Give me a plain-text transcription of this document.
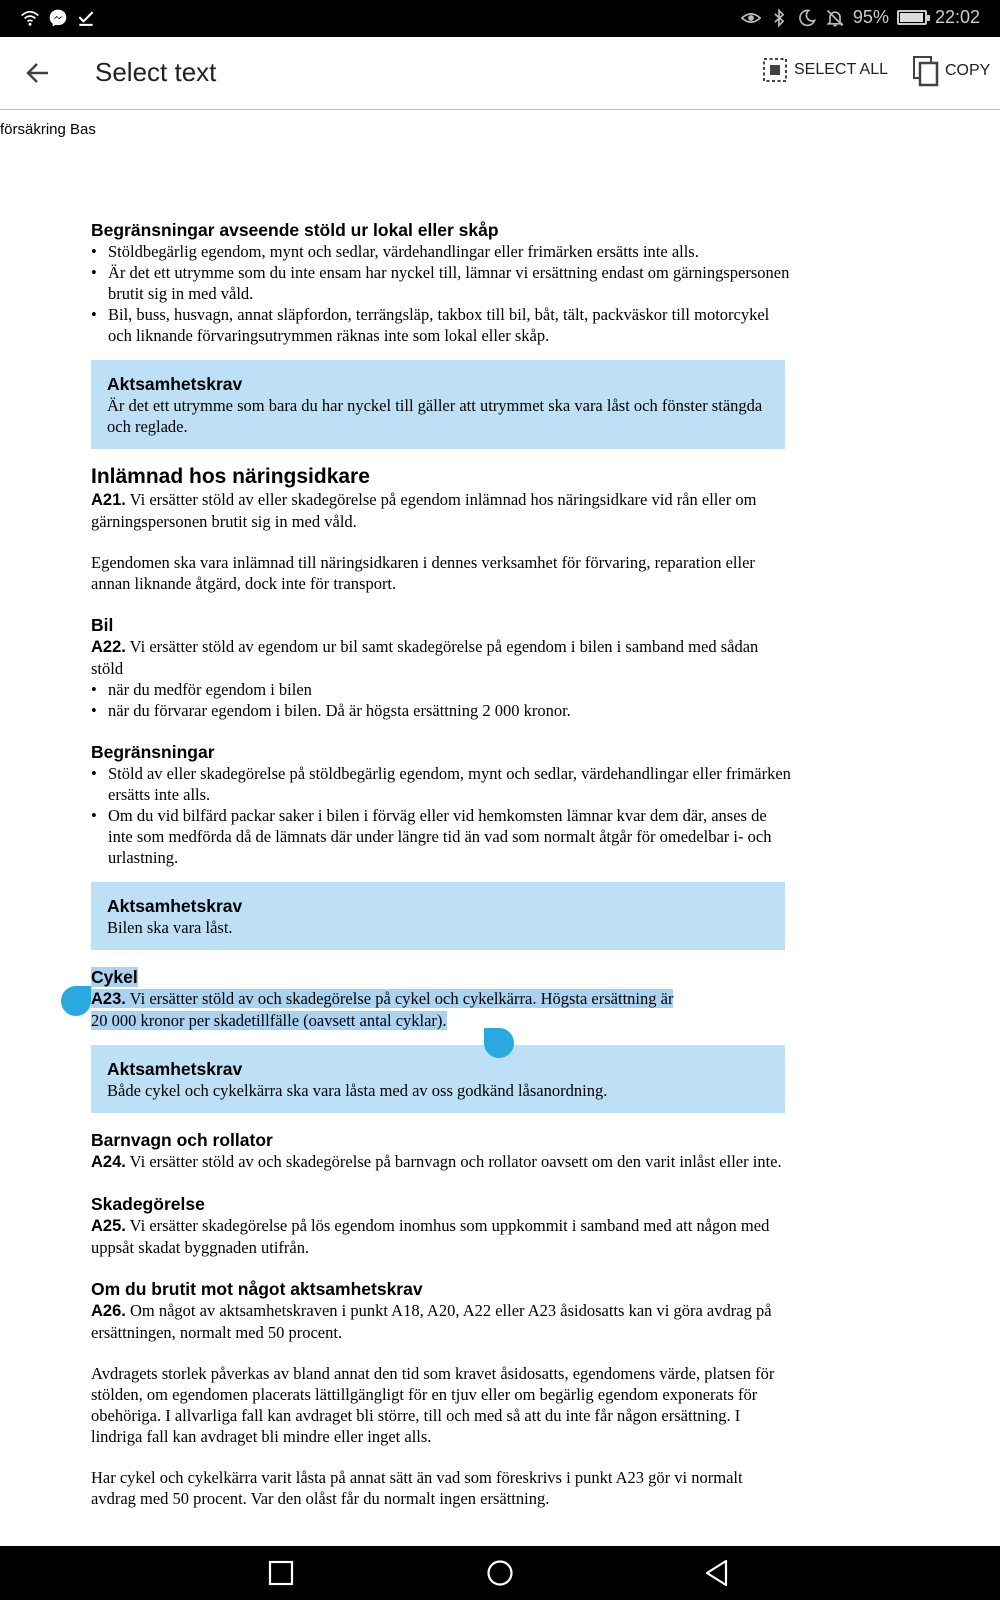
95%	22:02
Select text	SELECT ALL	COPY
försäkring Bas
Begränsningar avseende stöld ur lokal eller skåp
• Stöldbegärlig egendom, mynt och sedlar, värdehandlingar eller frimärken ersätts inte alls.
• Är det ett utrymme som du inte ensam har nyckel till, lämnar vi ersättning endast om gärningspersonen brutit sig in med våld.
• Bil, buss, husvagn, annat släpfordon, terrängsläp, takbox till bil, båt, tält, packväskor till motorcykel och liknande förvaringsutrymmen räknas inte som lokal eller skåp.
Aktsamhetskrav
Är det ett utrymme som bara du har nyckel till gäller att utrymmet ska vara låst och fönster stängda och reglade.
Inlämnad hos näringsidkare
A21. Vi ersätter stöld av eller skadegörelse på egendom inlämnad hos näringsidkare vid rån eller om gärningspersonen brutit sig in med våld.
Egendomen ska vara inlämnad till näringsidkaren i dennes verksamhet för förvaring, reparation eller annan liknande åtgärd, dock inte för transport.
Bil
A22. Vi ersätter stöld av egendom ur bil samt skadegörelse på egendom i bilen i samband med sådan stöld
• när du medför egendom i bilen
• när du förvarar egendom i bilen. Då är högsta ersättning 2 000 kronor.
Begränsningar
• Stöld av eller skadegörelse på stöldbegärlig egendom, mynt och sedlar, värdehandlingar eller frimärken ersätts inte alls.
• Om du vid bilfärd packar saker i bilen i förväg eller vid hemkomsten lämnar kvar dem där, anses de inte som medförda då de lämnats där under längre tid än vad som normalt åtgår för omedelbar i- och urlastning.
Aktsamhetskrav
Bilen ska vara låst.
Cykel
A23. Vi ersätter stöld av och skadegörelse på cykel och cykelkärra. Högsta ersättning är
20 000 kronor per skadetillfälle (oavsett antal cyklar).
Aktsamhetskrav
Både cykel och cykelkärra ska vara låsta med av oss godkänd låsanordning.
Barnvagn och rollator
A24. Vi ersätter stöld av och skadegörelse på barnvagn och rollator oavsett om den varit inlåst eller inte.
Skadegörelse
A25. Vi ersätter skadegörelse på lös egendom inomhus som uppkommit i samband med att någon med uppsåt skadat byggnaden utifrån.
Om du brutit mot något aktsamhetskrav
A26. Om något av aktsamhetskraven i punkt A18, A20, A22 eller A23 åsidosatts kan vi göra avdrag på ersättningen, normalt med 50 procent.
Avdragets storlek påverkas av bland annat den tid som kravet åsidosatts, egendomens värde, platsen för stölden, om egendomen placerats lättillgängligt för en tjuv eller om begärlig egendom exponerats för obehöriga. I allvarliga fall kan avdraget bli större, till och med så att du inte får någon ersättning. I lindriga fall kan avdraget bli mindre eller inget alls.
Har cykel och cykelkärra varit låsta på annat sätt än vad som föreskrivs i punkt A23 gör vi normalt avdrag med 50 procent. Var den olåst får du normalt ingen ersättning.
